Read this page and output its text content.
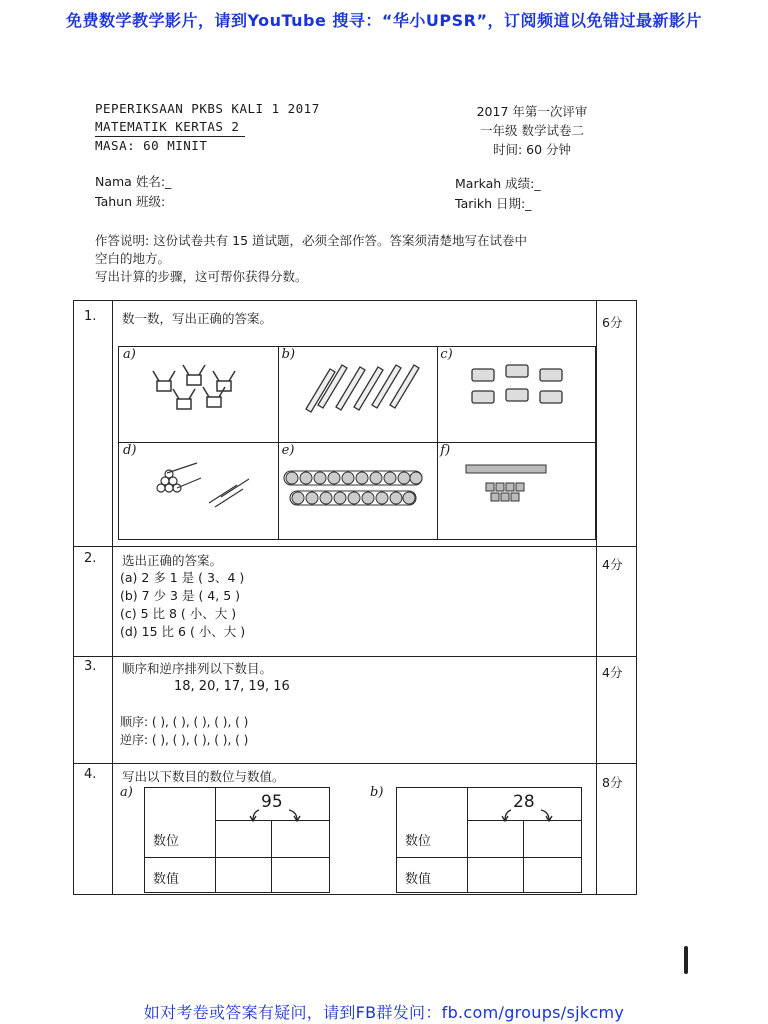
免费数学教学影片，请到YouTube 搜寻：“华小UPSR”，订阅频道以免错过最新影片
PEPERIKSAAN PKBS KALI 1 2017
MATEMATIK KERTAS 2
MASA: 60 MINIT
2017 年第一次评审
一年级 数学试卷二
时间: 60 分钟
Nama 姓名:_
Tahun 班级:
Markah 成绩:_
Tarikh 日期:_
作答说明: 这份试卷共有 15 道试题，必须全部作答。答案须清楚地写在试卷中
空白的地方。
写出计算的步骤，这可帮你获得分数。
1. 数一数，写出正确的答案。	6分
a)	b)	c)
d)	e)	f)
2. 选出正确的答案。	4分
(a) 2 多 1 是 ( 3、4 )
(b) 7 少 3 是 ( 4, 5 )
(c) 5 比 8 ( 小、大 )
(d) 15 比 6 ( 小、大 )
3. 顺序和逆序排列以下数目。	4分
18, 20, 17, 19, 16
顺序: ( ), ( ), ( ), ( ), ( )
逆序: ( ), ( ), ( ), ( ), ( )
4. 写出以下数目的数位与数值。	8分
a)	95
数位
数值
b)	28
数位
数值
如对考卷或答案有疑问，请到FB群发问：fb.com/groups/sjkcmy
